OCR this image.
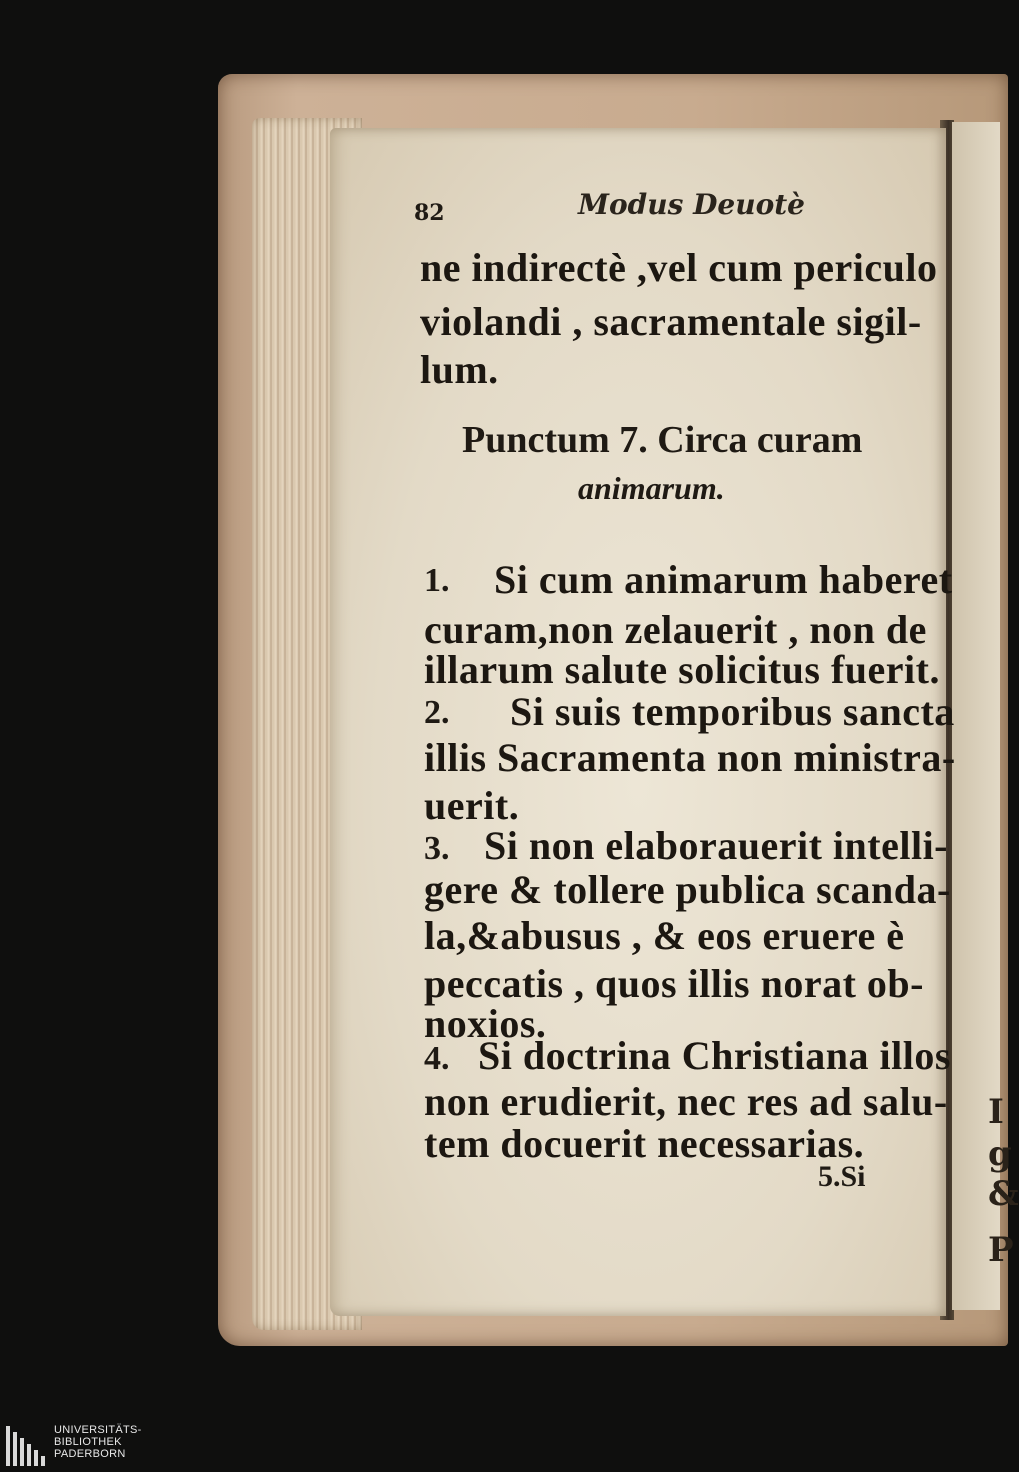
I
g
&
P
82	Modus Deuotè
ne indirectè ,vel cum periculo
violandi , sacramentale sigil-
lum.
Punctum 7. Circa curam
animarum.
1. Si cum animarum haberet
curam,non zelauerit , non de
illarum salute solicitus fuerit.
2. Si suis temporibus sancta
illis Sacramenta non ministra-
uerit.
3. Si non elaborauerit intelli-
gere & tollere publica scanda-
la,&abusus , & eos eruere è
peccatis , quos illis norat ob-
noxios.
4. Si doctrina Christiana illos
non erudierit, nec res ad salu-
tem docuerit necessarias.
5.Si
UNIVERSITÄTS-
BIBLIOTHEK
PADERBORN
